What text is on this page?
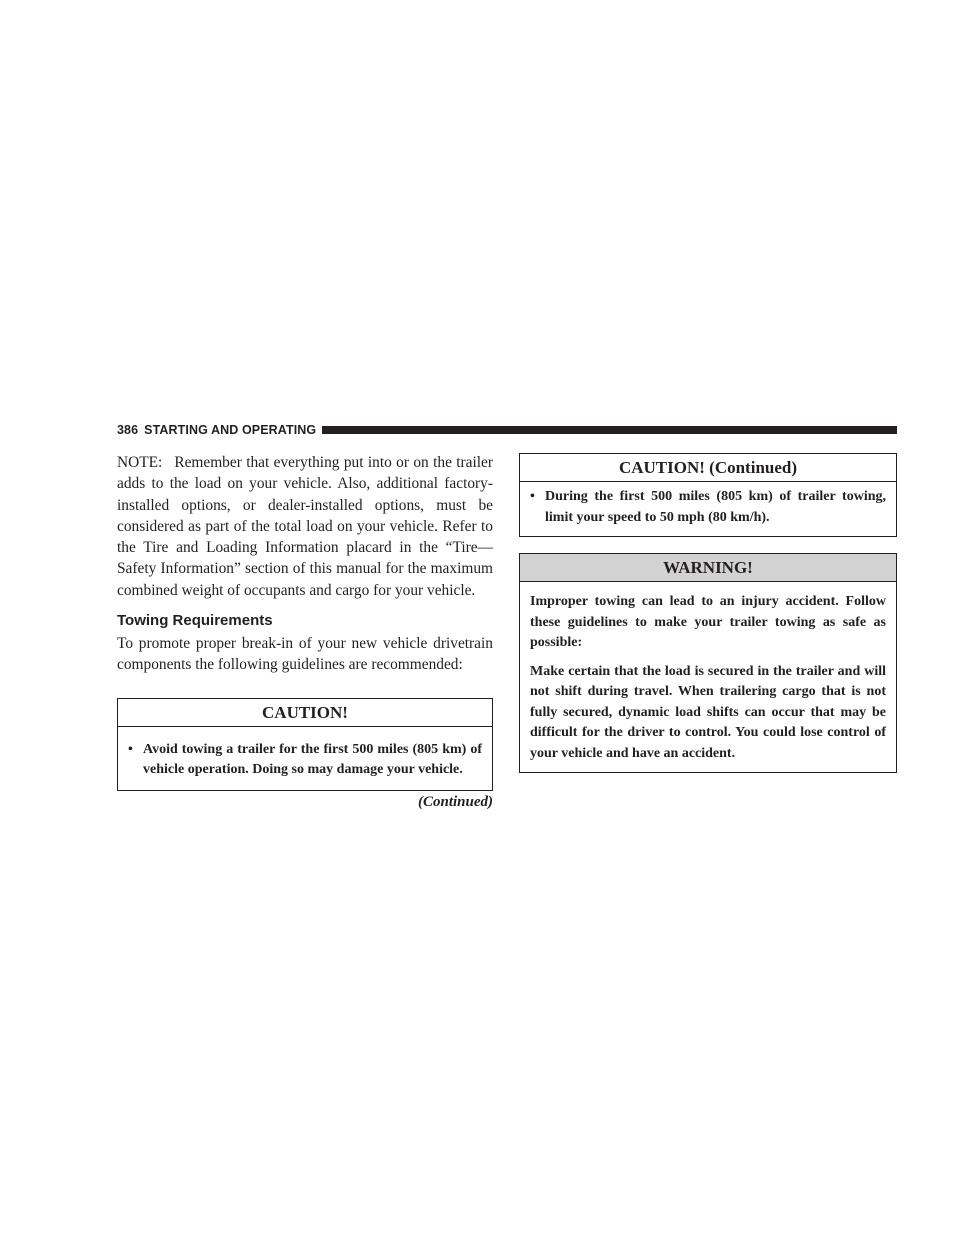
386 STARTING AND OPERATING

NOTE: Remember that everything put into or on the trailer adds to the load on your vehicle. Also, additional factory-installed options, or dealer-installed options, must be considered as part of the total load on your vehicle. Refer to the Tire and Loading Information placard in the “Tire—Safety Information” section of this manual for the maximum combined weight of occupants and cargo for your vehicle.

Towing Requirements

To promote proper break-in of your new vehicle drivetrain components the following guidelines are recommended:

CAUTION!
• Avoid towing a trailer for the first 500 miles (805 km) of vehicle operation. Doing so may damage your vehicle.
(Continued)
CAUTION! (Continued)
• During the first 500 miles (805 km) of trailer towing, limit your speed to 50 mph (80 km/h).
WARNING!

Improper towing can lead to an injury accident. Follow these guidelines to make your trailer towing as safe as possible:

Make certain that the load is secured in the trailer and will not shift during travel. When trailering cargo that is not fully secured, dynamic load shifts can occur that may be difficult for the driver to control. You could lose control of your vehicle and have an accident.
